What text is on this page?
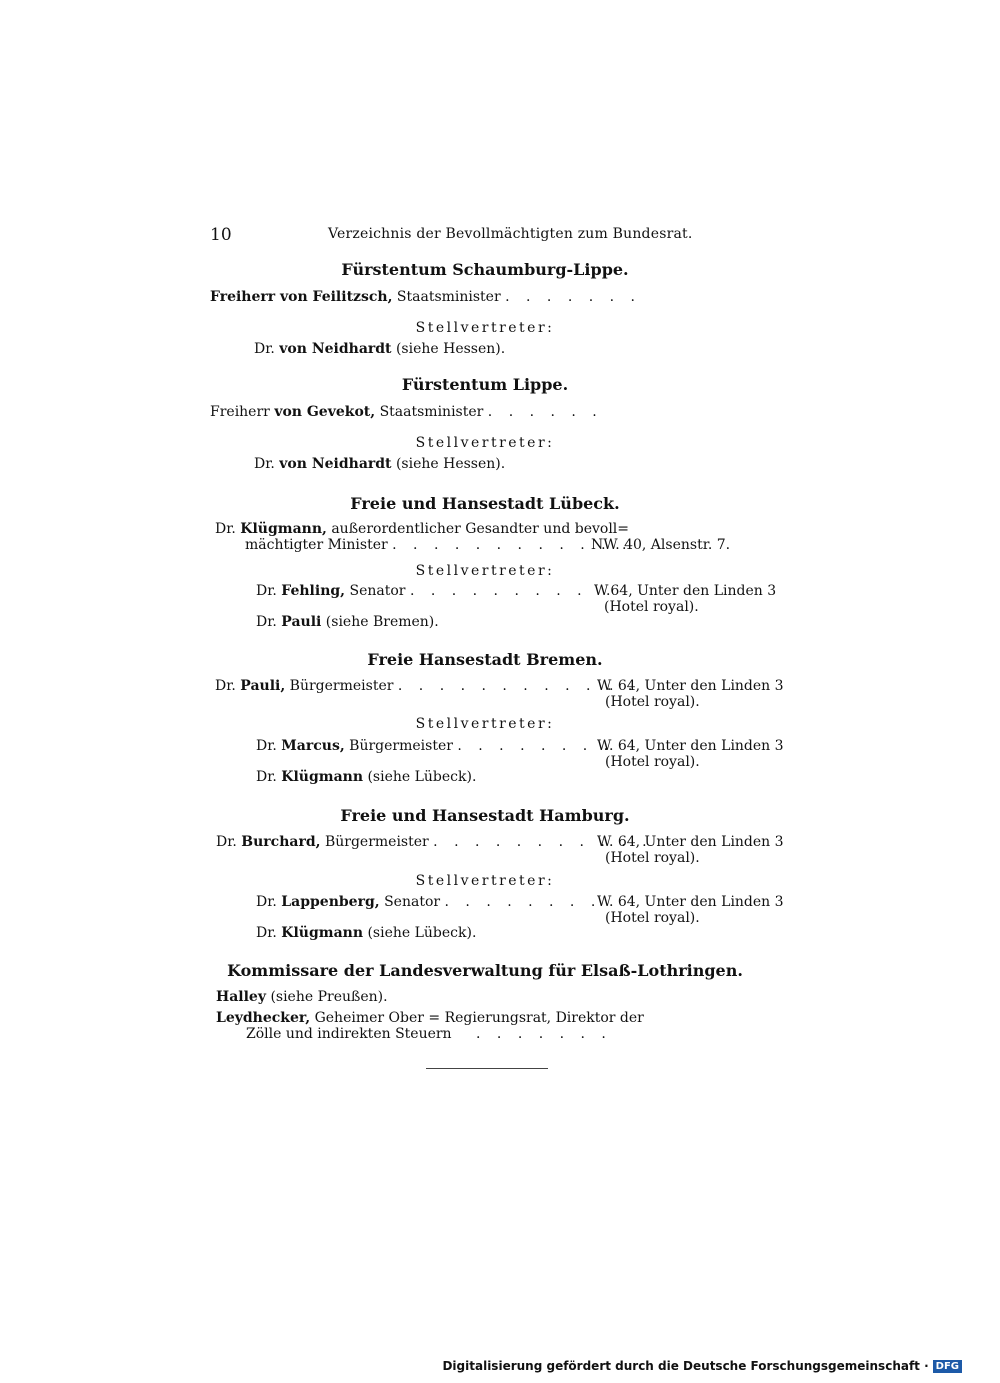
10	Verzeichnis der Bevollmächtigten zum Bundesrat.
Fürstentum Schaumburg-Lippe.
Freiherr von Feilitzsch, Staatsminister . . . . . . .
Stellvertreter:
Dr. von Neidhardt (siehe Hessen).
Fürstentum Lippe.
Freiherr von Gevekot, Staatsminister . . . . . .
Stellvertreter:
Dr. von Neidhardt (siehe Hessen).
Freie und Hansestadt Lübeck.
Dr. Klügmann, außerordentlicher Gesandter und bevoll=
mächtigter Minister . . . . . . . . . . . .
NW. 40, Alsenstr. 7.
Stellvertreter:
Dr. Fehling, Senator . . . . . . . . . W.64, Unter den Linden 3
(Hotel royal).
Dr. Pauli (siehe Bremen).
Freie Hansestadt Bremen.
Dr. Pauli, Bürgermeister . . . . . . . . . . . .
W. 64, Unter den Linden 3
(Hotel royal).
Stellvertreter:
Dr. Marcus, Bürgermeister . . . . . . . .
W. 64, Unter den Linden 3
(Hotel royal).
Dr. Klügmann (siehe Lübeck).
Freie und Hansestadt Hamburg.
Dr. Burchard, Bürgermeister . . . . . . . . . . .
W. 64, Unter den Linden 3
(Hotel royal).
Stellvertreter:
Dr. Lappenberg, Senator . . . . . . . .
W. 64, Unter den Linden 3
(Hotel royal).
Dr. Klügmann (siehe Lübeck).
Kommissare der Landesverwaltung für Elsaß-Lothringen.
Halley (siehe Preußen).
Leydhecker, Geheimer Ober = Regierungsrat, Direktor der
Zölle und indirekten Steuern . . . . . . .
Digitalisierung gefördert durch die Deutsche Forschungsgemeinschaft · DFG
